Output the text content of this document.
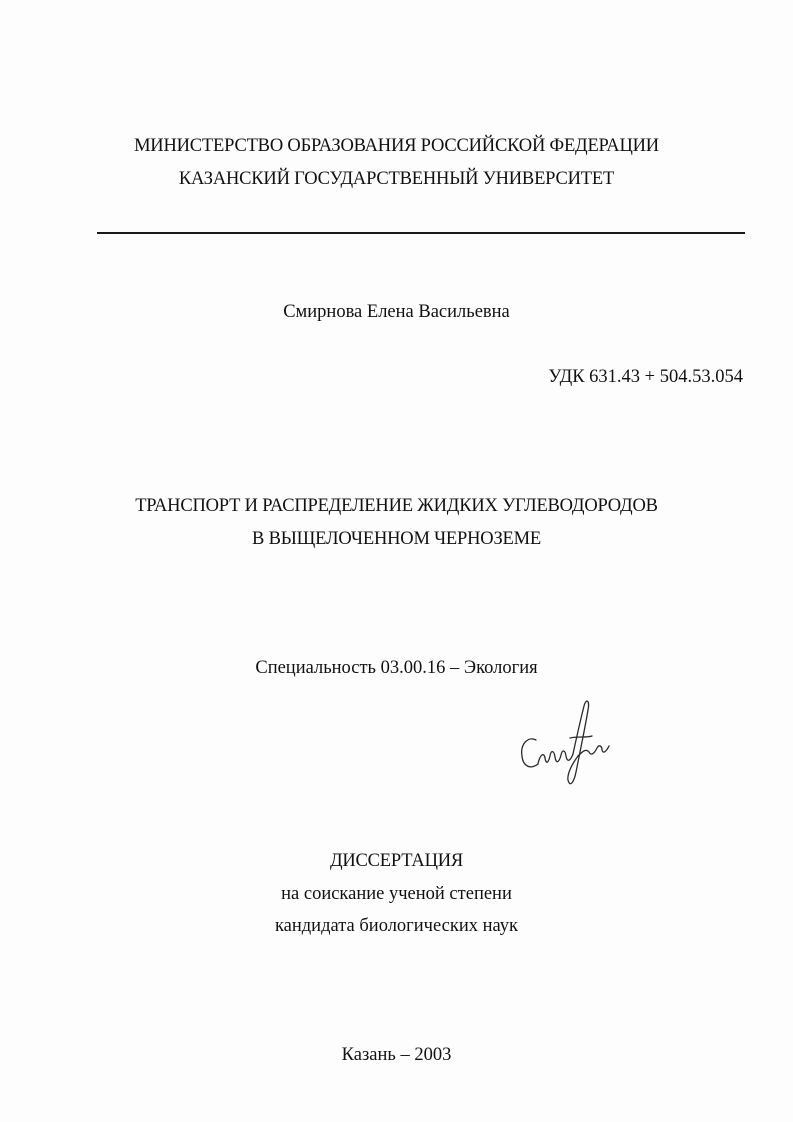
МИНИСТЕРСТВО ОБРАЗОВАНИЯ РОССИЙСКОЙ ФЕДЕРАЦИИ
КАЗАНСКИЙ ГОСУДАРСТВЕННЫЙ УНИВЕРСИТЕТ
Смирнова Елена Васильевна
УДК 631.43 + 504.53.054
ТРАНСПОРТ И РАСПРЕДЕЛЕНИЕ ЖИДКИХ УГЛЕВОДОРОДОВ
В ВЫЩЕЛОЧЕННОМ ЧЕРНОЗЕМЕ
Специальность 03.00.16 – Экология
ДИССЕРТАЦИЯ
на соискание ученой степени
кандидата биологических наук
Казань – 2003
